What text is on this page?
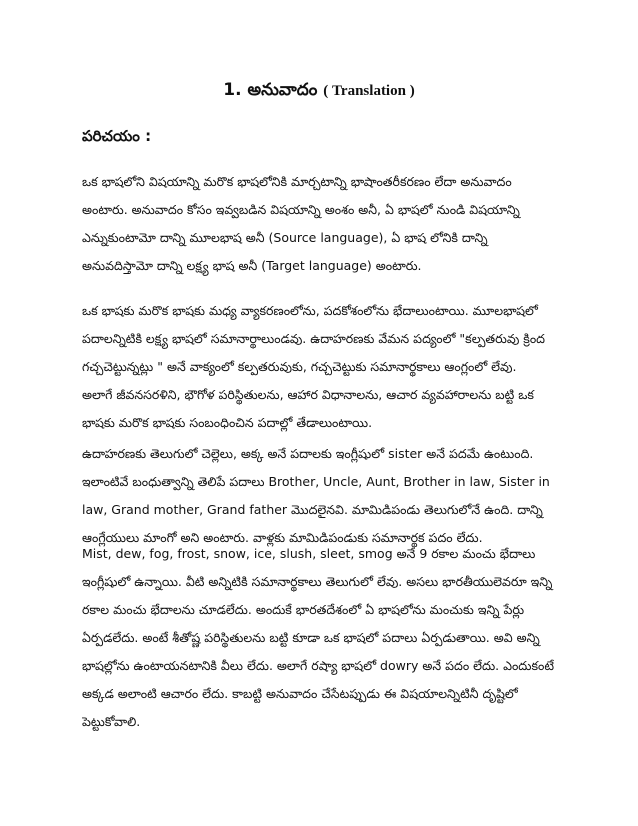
1. అనువాదం ( Translation )
పరిచయం :
ఒక భాషలోని విషయాన్ని మరొక భాషలోనికి మార్చటాన్ని భాషాంతరీకరణం లేదా అనువాదం
అంటారు. అనువాదం కోసం ఇవ్వబడిన విషయాన్ని అంశం అనీ, ఏ భాషలో నుండి విషయాన్ని
ఎన్నుకుంటామో దాన్ని మూలభాష అనీ (Source language), ఏ భాష లోనికి దాన్ని
అనువదిస్తామో దాన్ని లక్ష్య భాష అనీ (Target language) అంటారు.
ఒక భాషకు మరొక భాషకు మధ్య వ్యాకరణంలోను, పదకోశంలోను భేదాలుంటాయి. మూలభాషలో
పదాలన్నిటికి లక్ష్య భాషలో సమానార్థాలుండవు. ఉదాహరణకు వేమన పద్యంలో "కల్పతరువు క్రింద
గచ్చచెట్టున్నట్లు " అనే వాక్యంలో కల్పతరువుకు, గచ్చచెట్టుకు సమానార్థకాలు ఆంగ్లంలో లేవు.
అలాగే జీవనసరళిని, భౌగోళ పరిస్థితులను, ఆహార విధానాలను, ఆచార వ్యవహారాలను బట్టి ఒక
భాషకు మరొక భాషకు సంబంధించిన పదాల్లో తేడాలుంటాయి.
ఉదాహరణకు తెలుగులో చెల్లెలు, అక్క అనే పదాలకు ఇంగ్లీషులో sister అనే పదమే ఉంటుంది.
ఇలాంటివే బంధుత్వాన్ని తెలిపే పదాలు Brother, Uncle, Aunt, Brother in law, Sister in
law, Grand mother, Grand father మొదలైనవి. మామిడిపండు తెలుగులోనే ఉంది. దాన్ని
ఆంగ్లేయులు మాంగో అని అంటారు. వాళ్లకు మామిడిపండుకు సమానార్థక పదం లేదు.
Mist, dew, fog, frost, snow, ice, slush, sleet, smog అనే 9 రకాల మంచు భేదాలు
ఇంగ్లీషులో ఉన్నాయి. వీటి అన్నిటికి సమానార్థకాలు తెలుగులో లేవు. అసలు భారతీయులెవరూ ఇన్ని
రకాల మంచు భేదాలను చూడలేదు. అందుకే భారతదేశంలో ఏ భాషలోను మంచుకు ఇన్ని పేర్లు
ఏర్పడలేదు. అంటే శీతోష్ణ పరిస్థితులను బట్టి కూడా ఒక భాషలో పదాలు ఏర్పడుతాయి. అవి అన్ని
భాషల్లోను ఉంటాయనటానికి వీలు లేదు. అలాగే రష్యా భాషలో dowry అనే పదం లేదు. ఎందుకంటే
అక్కడ అలాంటి ఆచారం లేదు. కాబట్టి అనువాదం చేసేటప్పుడు ఈ విషయాలన్నిటినీ దృష్టిలో
పెట్టుకోవాలి.
